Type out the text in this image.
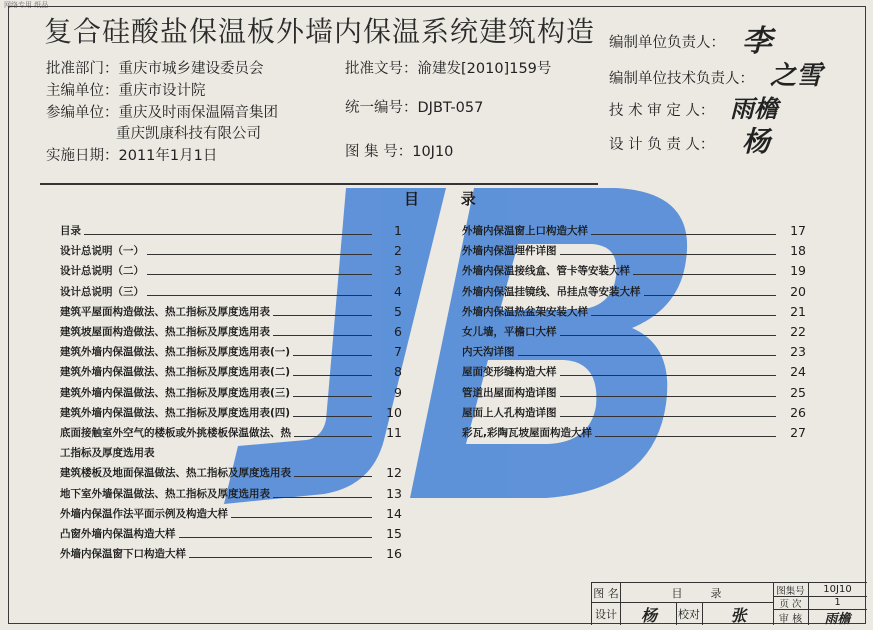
网络专用 纸品
复合硅酸盐保温板外墙内保温系统建筑构造
批准部门：重庆市城乡建设委员会
主编单位：重庆市设计院
参编单位：重庆及时雨保温隔音集团
重庆凯康科技有限公司
实施日期：2011年1月1日
批准文号：渝建发[2010]159号
统一编号：DJBT-057
图 集 号：10J10
编制单位负责人： 李
编制单位技术负责人： 之雪
技 术 审 定 人： 雨檐
设 计 负 责 人： 杨
目        录
目录	1
设计总说明（一）	2
设计总说明（二）	3
设计总说明（三）	4
建筑平屋面构造做法、热工指标及厚度选用表	5
建筑坡屋面构造做法、热工指标及厚度选用表	6
建筑外墙内保温做法、热工指标及厚度选用表(一)	7
建筑外墙内保温做法、热工指标及厚度选用表(二)	8
建筑外墙内保温做法、热工指标及厚度选用表(三)	9
建筑外墙内保温做法、热工指标及厚度选用表(四)	10
底面接触室外空气的楼板或外挑楼板保温做法、热	11
工指标及厚度选用表
建筑楼板及地面保温做法、热工指标及厚度选用表	12
地下室外墙保温做法、热工指标及厚度选用表	13
外墙内保温作法平面示例及构造大样	14
凸窗外墙内保温构造大样	15
外墙内保温窗下口构造大样	16
外墙内保温窗上口构造大样	17
外墙内保温埋件详图	18
外墙内保温接线盒、管卡等安装大样	19
外墙内保温挂镜线、吊挂点等安装大样	20
外墙内保温热盆架安装大样	21
女儿墙，平檐口大样	22
内天沟详图	23
屋面变形缝构造大样	24
管道出屋面构造详图	25
屋面上人孔构造详图	26
彩瓦,彩陶瓦坡屋面构造大样	27
图 名	目        录	图集号	10J10
页 次	1
设计	杨	校对	张	审 核	雨檐
